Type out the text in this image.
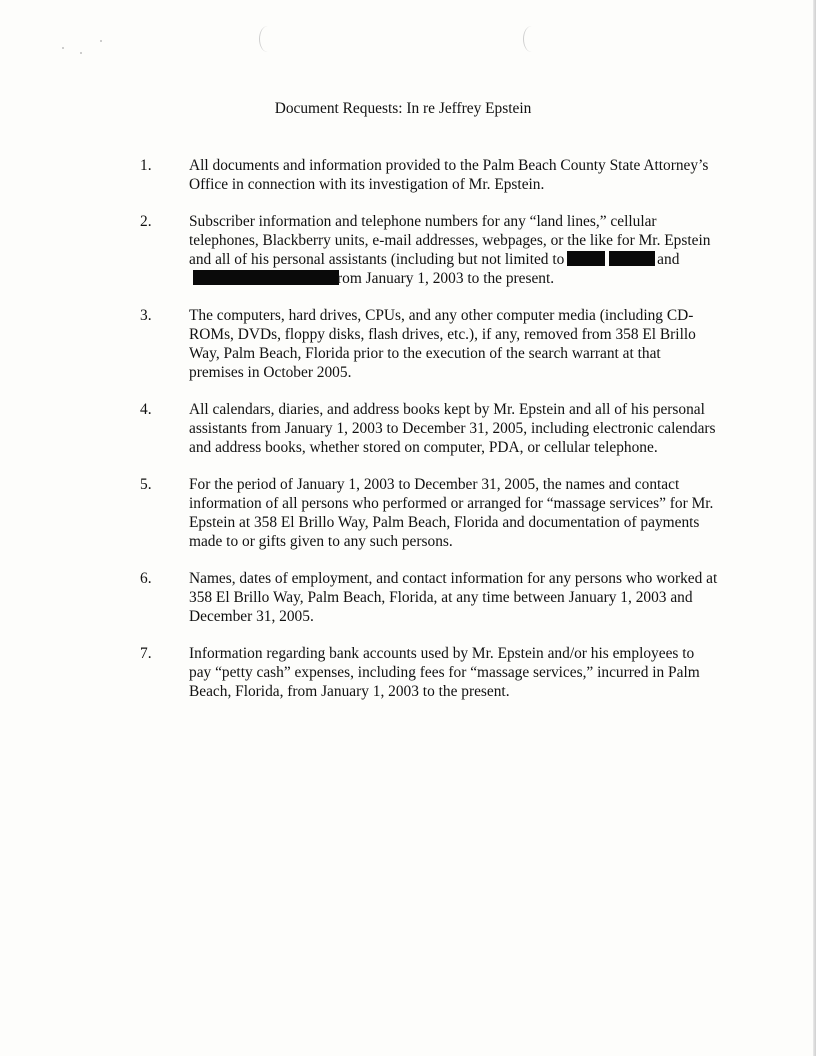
Document Requests: In re Jeffrey Epstein
1. All documents and information provided to the Palm Beach County State Attorney’s Office in connection with its investigation of Mr. Epstein.
2. Subscriber information and telephone numbers for any “land lines,” cellular telephones, Blackberry units, e-mail addresses, webpages, or the like for Mr. Epstein and all of his personal assistants (including but not limited to	androm January 1, 2003 to the present.
3. The computers, hard drives, CPUs, and any other computer media (including CD-ROMs, DVDs, floppy disks, flash drives, etc.), if any, removed from 358 El Brillo Way, Palm Beach, Florida prior to the execution of the search warrant at that premises in October 2005.
4. All calendars, diaries, and address books kept by Mr. Epstein and all of his personal assistants from January 1, 2003 to December 31, 2005, including electronic calendars and address books, whether stored on computer, PDA, or cellular telephone.
5. For the period of January 1, 2003 to December 31, 2005, the names and contact information of all persons who performed or arranged for “massage services” for Mr. Epstein at 358 El Brillo Way, Palm Beach, Florida and documentation of payments made to or gifts given to any such persons.
6. Names, dates of employment, and contact information for any persons who worked at 358 El Brillo Way, Palm Beach, Florida, at any time between January 1, 2003 and December 31, 2005.
7. Information regarding bank accounts used by Mr. Epstein and/or his employees to pay “petty cash” expenses, including fees for “massage services,” incurred in Palm Beach, Florida, from January 1, 2003 to the present.
